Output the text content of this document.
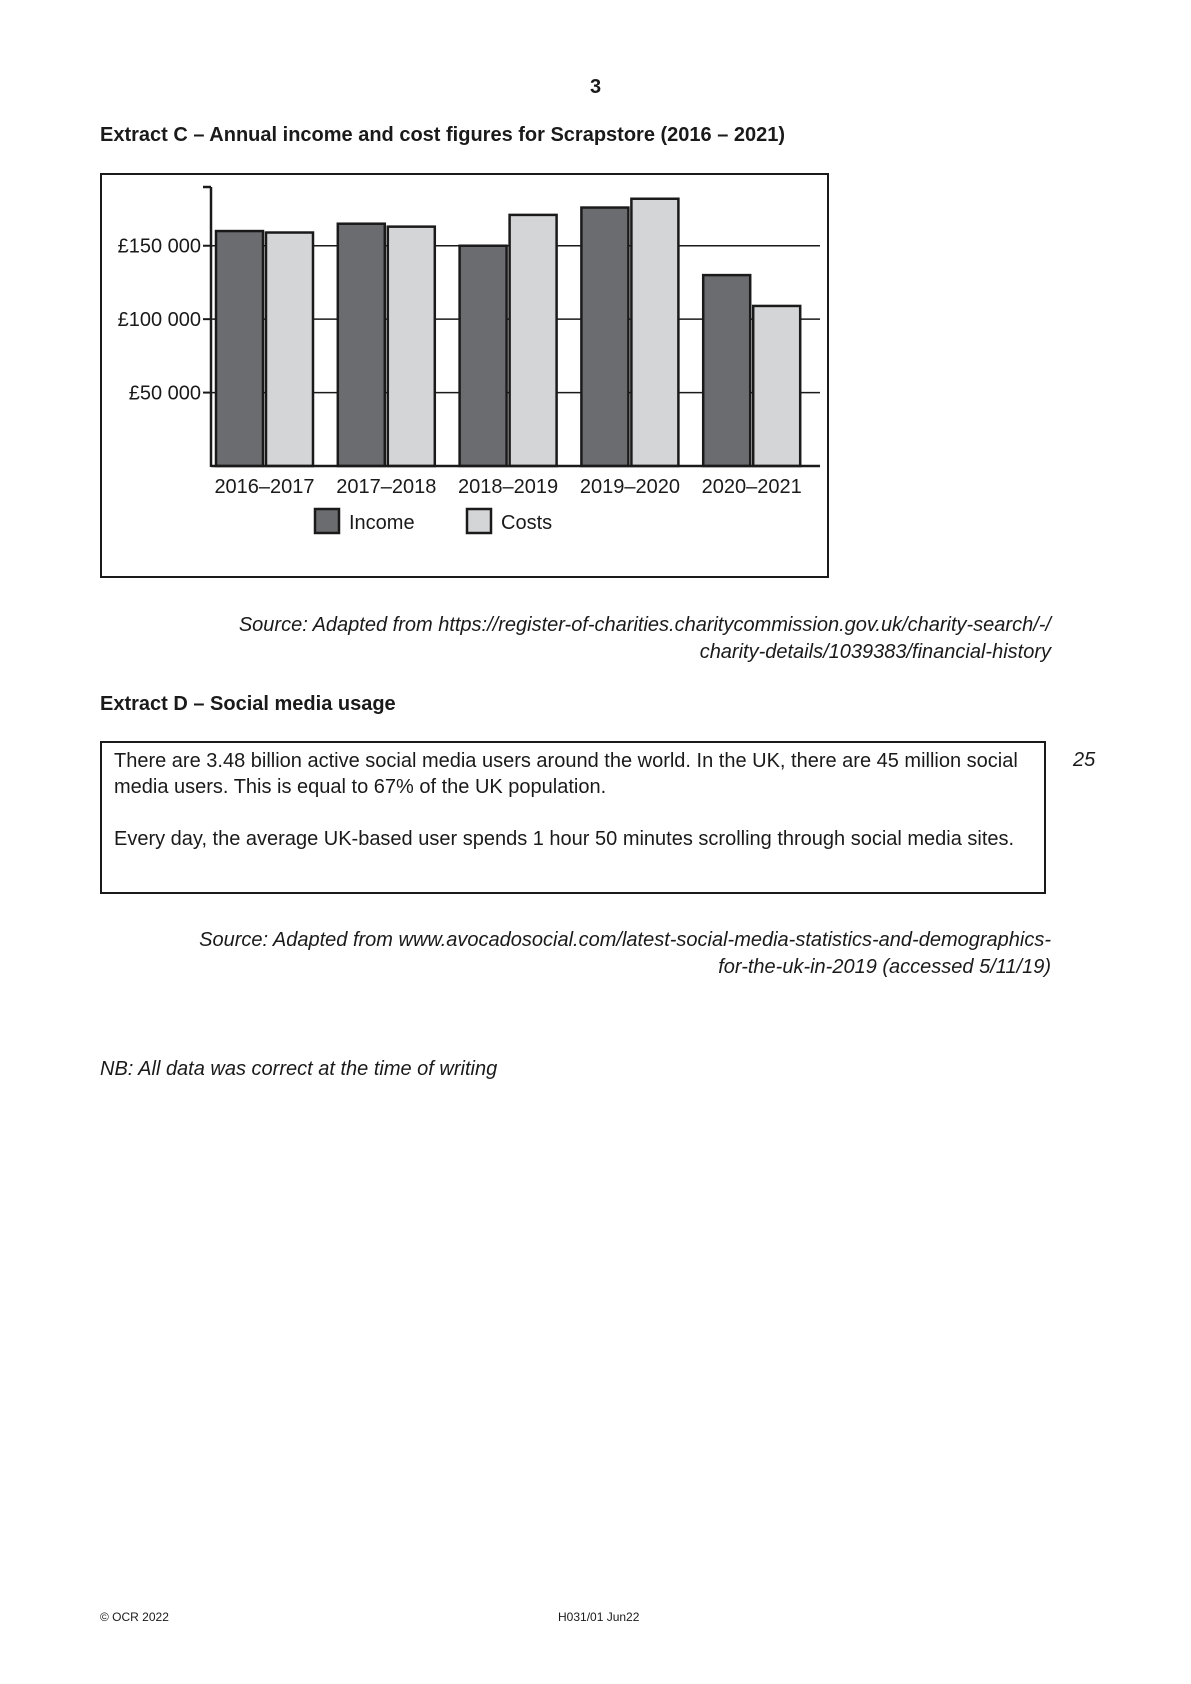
3
Extract C – Annual income and cost figures for Scrapstore (2016 – 2021)
£50 000
£100 000
£150 000
2016–2017 2017–2018 2018–2019 2019–2020 2020–2021
Income	Costs
Source: Adapted from https://register-of-charities.charitycommission.gov.uk/charity-search/-/
charity-details/1039383/financial-history
Extract D – Social media usage

There are 3.48 billion active social media users around the world. In the UK, there are 45 million social media users. This is equal to 67% of the UK population.

Every day, the average UK-based user spends 1 hour 50 minutes scrolling through social media sites.

25
Source: Adapted from www.avocadosocial.com/latest-social-media-statistics-and-demographics-
for-the-uk-in-2019 (accessed 5/11/19)
NB: All data was correct at the time of writing
© OCR 2022	H031/01 Jun22
